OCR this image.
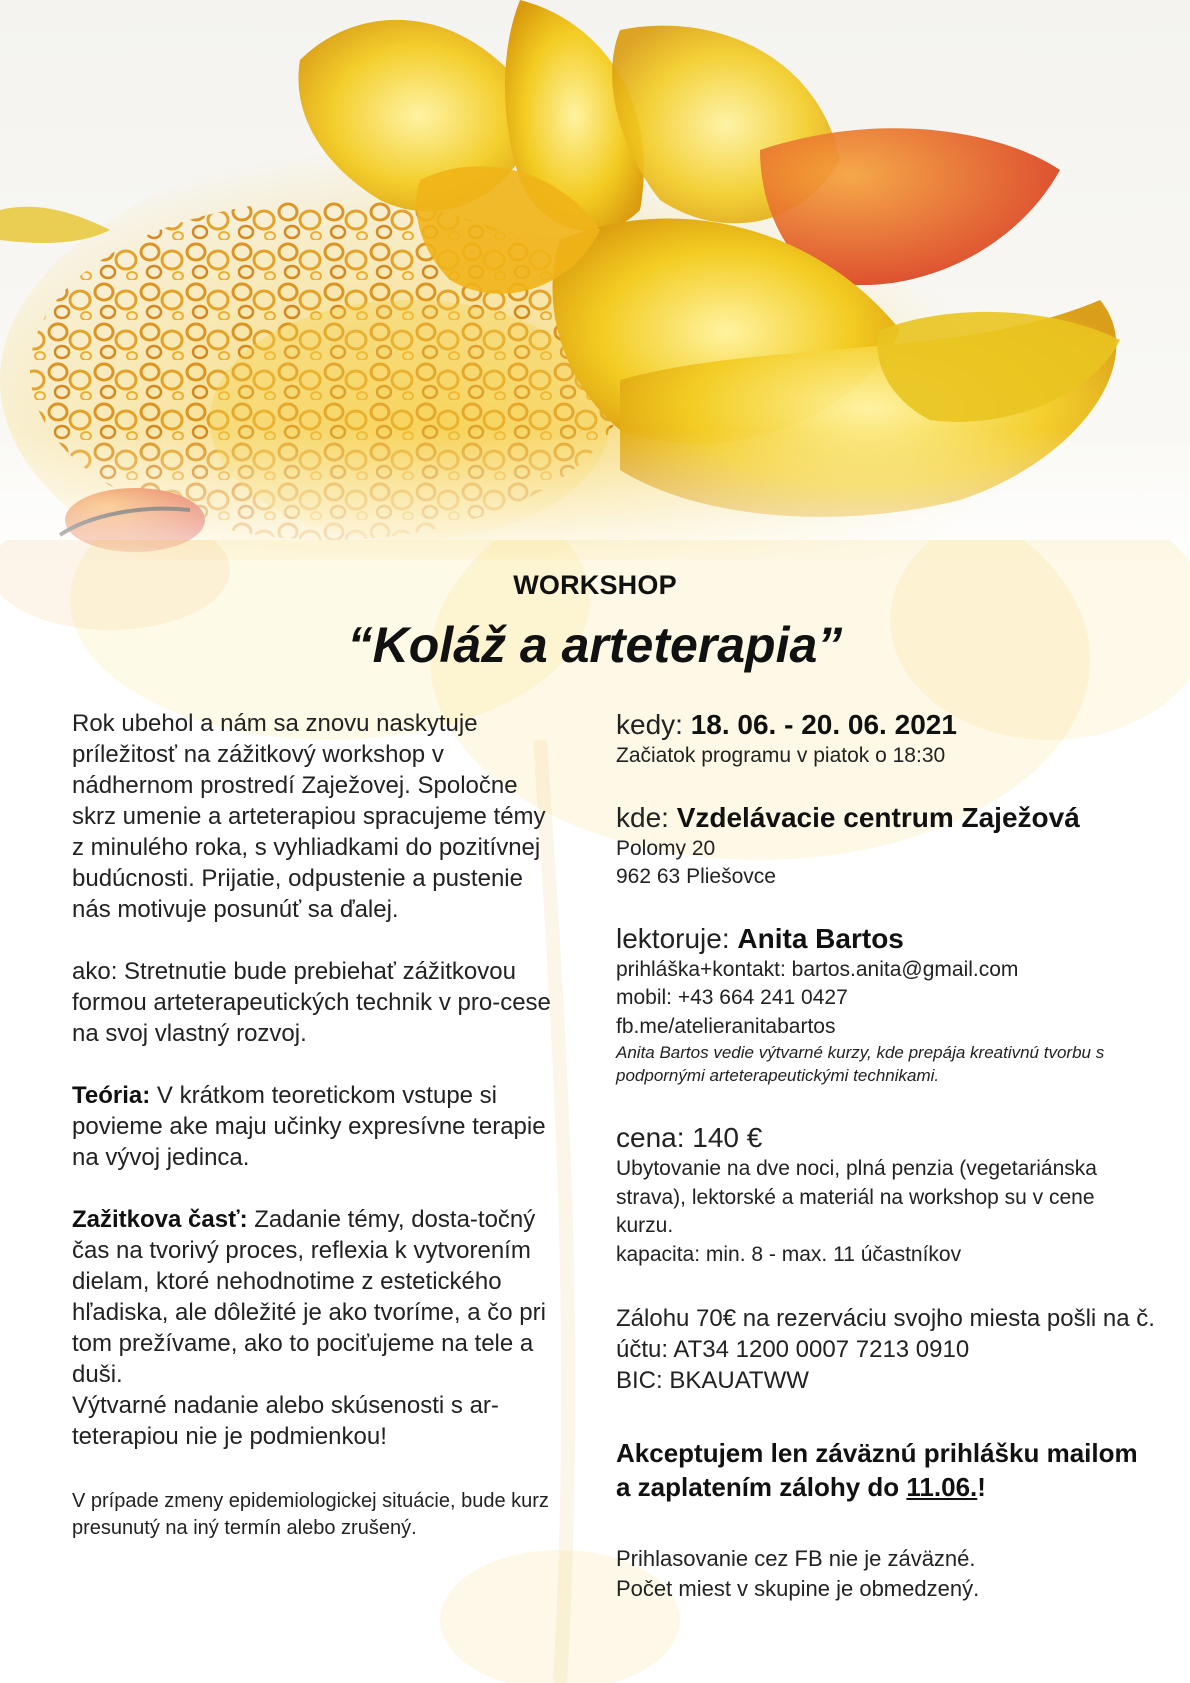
WORKSHOP
“Koláž a arteterapia”

Rok ubehol a nám sa znovu naskytuje príležitosť na zážitkový workshop v nádhernom prostredí Zaježovej. Spoločne skrz umenie a arteterapiou spracujeme témy z minulého roka, s vyhliadkami do pozitívnej budúcnosti. Prijatie, odpustenie a pustenie nás motivuje posunúť sa ďalej.

ako: Stretnutie bude prebiehať zážitkovou formou arteterapeutických technik v pro-cese na svoj vlastný rozvoj.

Teória: V krátkom teoretickom vstupe si povieme ake maju učinky expresívne terapie na vývoj jedinca.

Zažitkova časť: Zadanie témy, dosta-točný čas na tvorivý proces, reflexia k vytvorením dielam, ktoré nehodnotime z estetického hľadiska, ale dôležité je ako tvoríme, a čo pri tom prežívame, ako to pociťujeme na tele a duši.

Výtvarné nadanie alebo skúsenosti s ar-teterapiou nie je podmienkou!

V prípade zmeny epidemiologickej situácie, bude kurz presunutý na iný termín alebo zrušený.

kedy: 18. 06. - 20. 06. 2021

Začiatok programu v piatok o 18:30

kde: Vzdelávacie centrum Zaježová

Polomy 20

962 63 Pliešovce

lektoruje: Anita Bartos

prihláška+kontakt: bartos.anita@gmail.com

mobil: +43 664 241 0427

fb.me/atelieranitabartos

Anita Bartos vedie výtvarné kurzy, kde prepája kreativnú tvorbu s podpornými arteterapeutickými technikami.

cena: 140 €

Ubytovanie na dve noci, plná penzia (vegetariánska strava), lektorské a materiál na workshop su v cene kurzu.

kapacita: min. 8 - max. 11 účastníkov

Zálohu 70€ na rezerváciu svojho miesta pošli na č. účtu: AT34 1200 0007 7213 0910

BIC: BKAUATWW

Akceptujem len záväznú prihlášku mailom a zaplatením zálohy do 11.06.!

Prihlasovanie cez FB nie je záväzné.

Počet miest v skupine je obmedzený.
